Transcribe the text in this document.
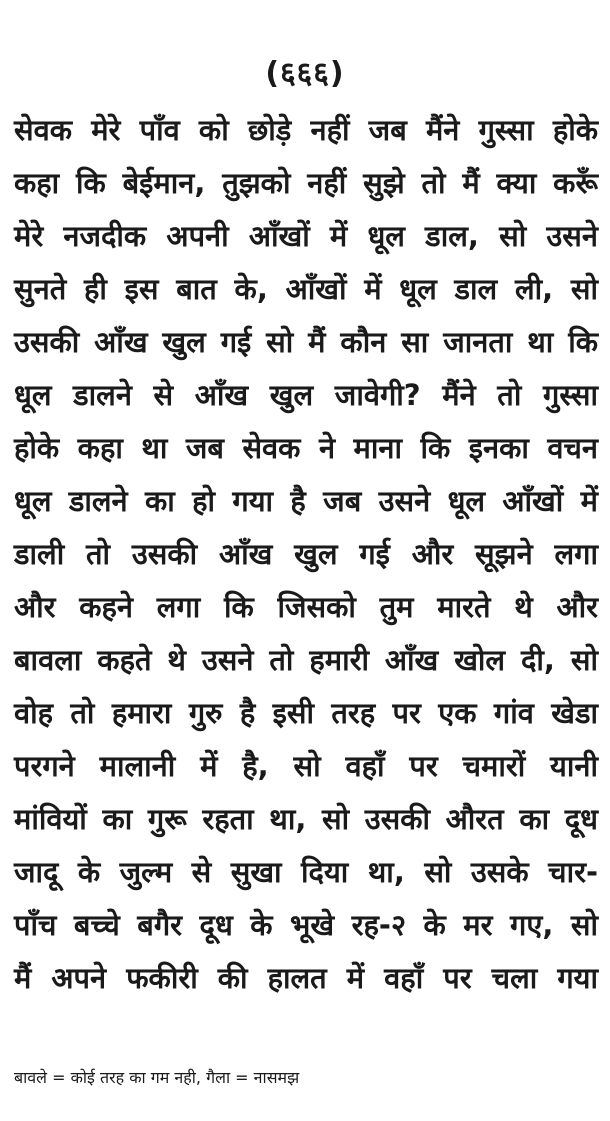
(६६६)
सेवक मेरे पाँव को छोड़े नहीं जब मैंने गुस्सा होके
कहा कि बेईमान, तुझको नहीं सुझे तो मैं क्या करूँ
मेरे नजदीक अपनी आँखों में धूल डाल, सो उसने
सुनते ही इस बात के, आँखों में धूल डाल ली, सो
उसकी आँख खुल गई सो मैं कौन सा जानता था कि
धूल डालने से आँख खुल जावेगी? मैंने तो गुस्सा
होके कहा था जब सेवक ने माना कि इनका वचन
धूल डालने का हो गया है जब उसने धूल आँखों में
डाली तो उसकी आँख खुल गई और सूझने लगा
और कहने लगा कि जिसको तुम मारते थे और
बावला कहते थे उसने तो हमारी आँख खोल दी, सो
वोह तो हमारा गुरु है इसी तरह पर एक गांव खेडा
परगने मालानी में है, सो वहाँ पर चमारों यानी
मांवियों का गुरू रहता था, सो उसकी औरत का दूध
जादू के जुल्म से सुखा दिया था, सो उसके चार-
पाँच बच्चे बगैर दूध के भूखे रह-२ के मर गए, सो
मैं अपने फकीरी की हालत में वहाँ पर चला गया
बावले = कोई तरह का गम नही, गैला = नासमझ
